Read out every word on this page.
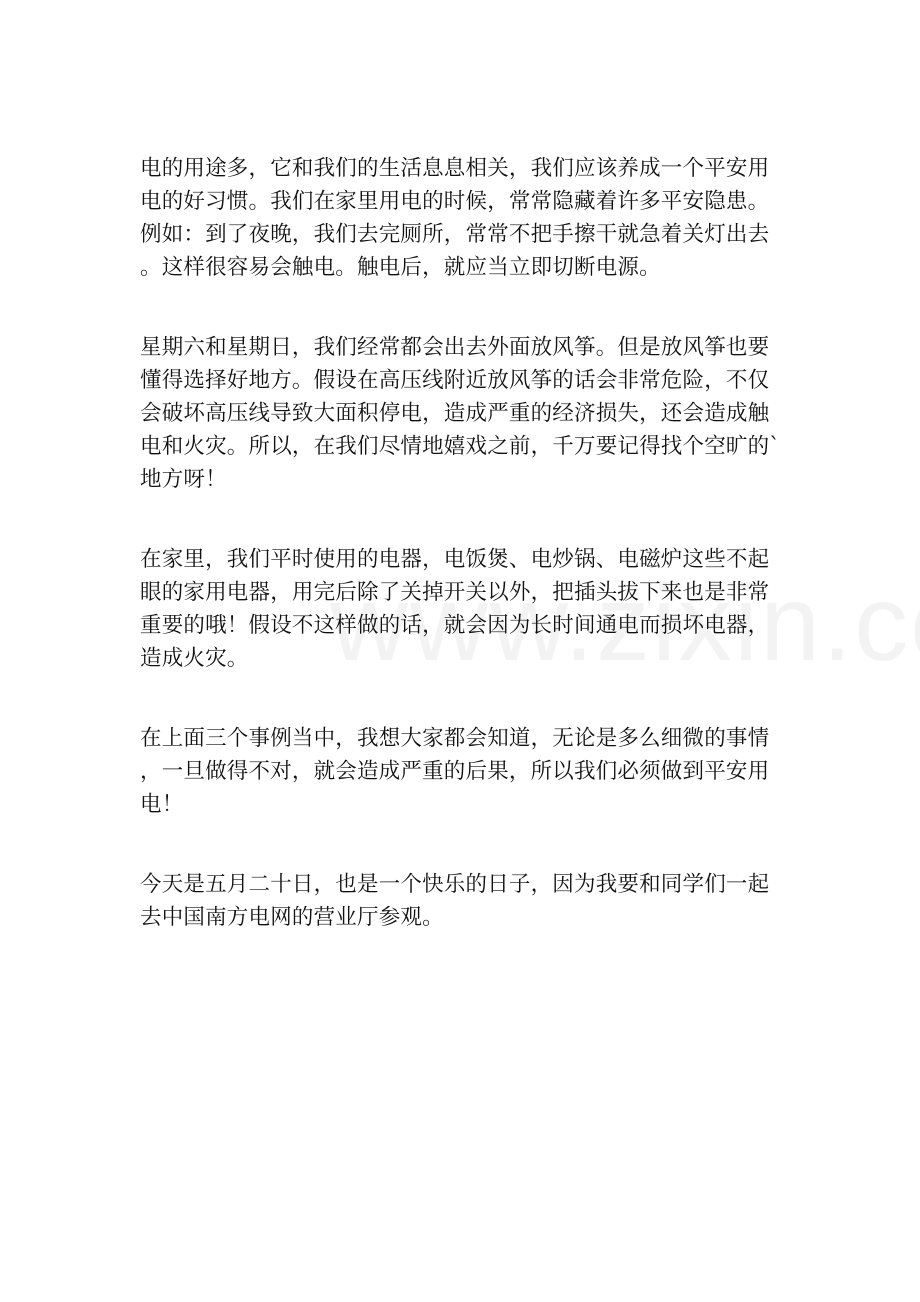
电的用途多，它和我们的生活息息相关，我们应该养成一个平安用
电的好习惯。我们在家里用电的时候，常常隐藏着许多平安隐患。
例如：到了夜晚，我们去完厕所，常常不把手擦干就急着关灯出去
。这样很容易会触电。触电后，就应当立即切断电源。

星期六和星期日，我们经常都会出去外面放风筝。但是放风筝也要
懂得选择好地方。假设在高压线附近放风筝的话会非常危险，不仅
会破坏高压线导致大面积停电，造成严重的经济损失，还会造成触
电和火灾。所以，在我们尽情地嬉戏之前，千万要记得找个空旷的`
地方呀！

在家里，我们平时使用的电器，电饭煲、电炒锅、电磁炉这些不起
眼的家用电器，用完后除了关掉开关以外，把插头拔下来也是非常
重要的哦！假设不这样做的话，就会因为长时间通电而损坏电器，
造成火灾。

在上面三个事例当中，我想大家都会知道，无论是多么细微的事情
，一旦做得不对，就会造成严重的后果，所以我们必须做到平安用
电！

今天是五月二十日，也是一个快乐的日子，因为我要和同学们一起
去中国南方电网的营业厅参观。
